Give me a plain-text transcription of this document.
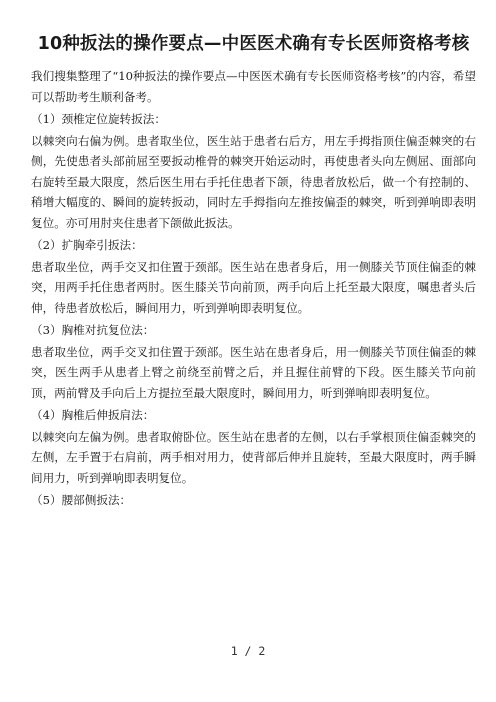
10种扳法的操作要点—中医医术确有专长医师资格考核

我们搜集整理了“10种扳法的操作要点—中医医术确有专长医师资格考核”的内容，希望可以帮助考生顺利备考。

（1）颈椎定位旋转扳法：

以棘突向右偏为例。患者取坐位，医生站于患者右后方，用左手拇指顶住偏歪棘突的右侧，先使患者头部前屈至要扳动椎骨的棘突开始运动时，再使患者头向左侧屈、面部向右旋转至最大限度，然后医生用右手托住患者下颌，待患者放松后，做一个有控制的、稍增大幅度的、瞬间的旋转扳动，同时左手拇指向左推按偏歪的棘突，听到弹响即表明复位。亦可用肘夹住患者下颌做此扳法。

（2）扩胸牵引扳法：

患者取坐位，两手交叉扣住置于颈部。医生站在患者身后，用一侧膝关节顶住偏歪的棘突，用两手托住患者两肘。医生膝关节向前顶，两手向后上托至最大限度，嘱患者头后伸，待患者放松后，瞬间用力，听到弹响即表明复位。

（3）胸椎对抗复位法：

患者取坐位，两手交叉扣住置于颈部。医生站在患者身后，用一侧膝关节顶住偏歪的棘突，医生两手从患者上臂之前绕至前臂之后，并且握住前臂的下段。医生膝关节向前顶，两前臂及手向后上方提拉至最大限度时，瞬间用力，听到弹响即表明复位。

（4）胸椎后伸扳肩法：

以棘突向左偏为例。患者取俯卧位。医生站在患者的左侧，以右手掌根顶住偏歪棘突的左侧，左手置于右肩前，两手相对用力，使背部后伸并且旋转，至最大限度时，两手瞬间用力，听到弹响即表明复位。

（5）腰部侧扳法：
1 / 2
